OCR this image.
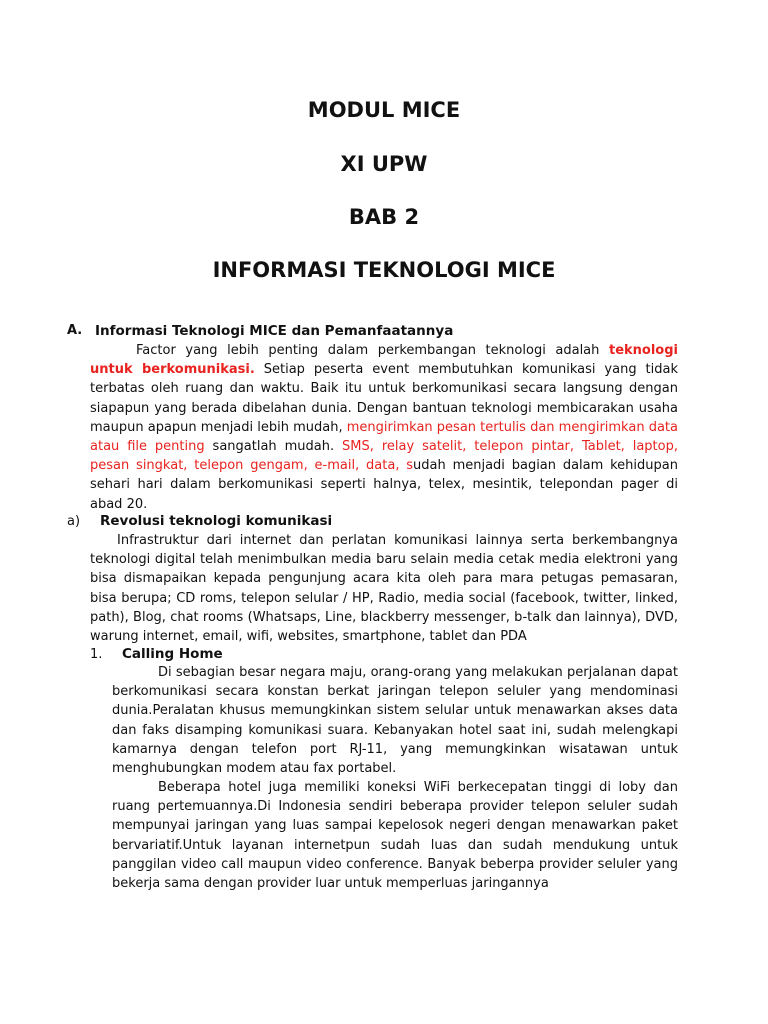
MODUL MICE
XI UPW
BAB 2
INFORMASI TEKNOLOGI MICE
A. Informasi Teknologi MICE dan Pemanfaatannya

Factor yang lebih penting dalam perkembangan teknologi adalah teknologi untuk berkomunikasi. Setiap peserta event membutuhkan komunikasi yang tidak terbatas oleh ruang dan waktu. Baik itu untuk berkomunikasi secara langsung dengan siapapun yang berada dibelahan dunia. Dengan bantuan teknologi membicarakan usaha maupun apapun menjadi lebih mudah, mengirimkan pesan tertulis dan mengirimkan data atau file penting sangatlah mudah. SMS, relay satelit, telepon pintar, Tablet, laptop, pesan singkat, telepon gengam, e-mail, data, sudah menjadi bagian dalam kehidupan sehari hari dalam berkomunikasi seperti halnya, telex, mesintik, telepondan pager di abad 20.

a) Revolusi teknologi komunikasi

Infrastruktur dari internet dan perlatan komunikasi lainnya serta berkembangnya teknologi digital telah menimbulkan media baru selain media cetak media elektroni yang bisa dismapaikan kepada pengunjung acara kita oleh para mara petugas pemasaran, bisa berupa; CD roms, telepon selular / HP, Radio, media social (facebook, twitter, linked, path), Blog, chat rooms (Whatsaps, Line, blackberry messenger, b-talk dan lainnya), DVD, warung internet, email, wifi, websites, smartphone, tablet dan PDA

1. Calling Home

Di sebagian besar negara maju, orang-orang yang melakukan perjalanan dapat berkomunikasi secara konstan berkat jaringan telepon seluler yang mendominasi dunia.Peralatan khusus memungkinkan sistem selular untuk menawarkan akses data dan faks disamping komunikasi suara. Kebanyakan hotel saat ini, sudah melengkapi kamarnya dengan telefon port RJ-11, yang memungkinkan wisatawan untuk menghubungkan modem atau fax portabel.

Beberapa hotel juga memiliki koneksi WiFi berkecepatan tinggi di loby dan ruang pertemuannya.Di Indonesia sendiri beberapa provider telepon seluler sudah mempunyai jaringan yang luas sampai kepelosok negeri dengan menawarkan paket bervariatif.Untuk layanan internetpun sudah luas dan sudah mendukung untuk panggilan video call maupun video conference. Banyak beberpa provider seluler yang bekerja sama dengan provider luar untuk memperluas jaringannya
